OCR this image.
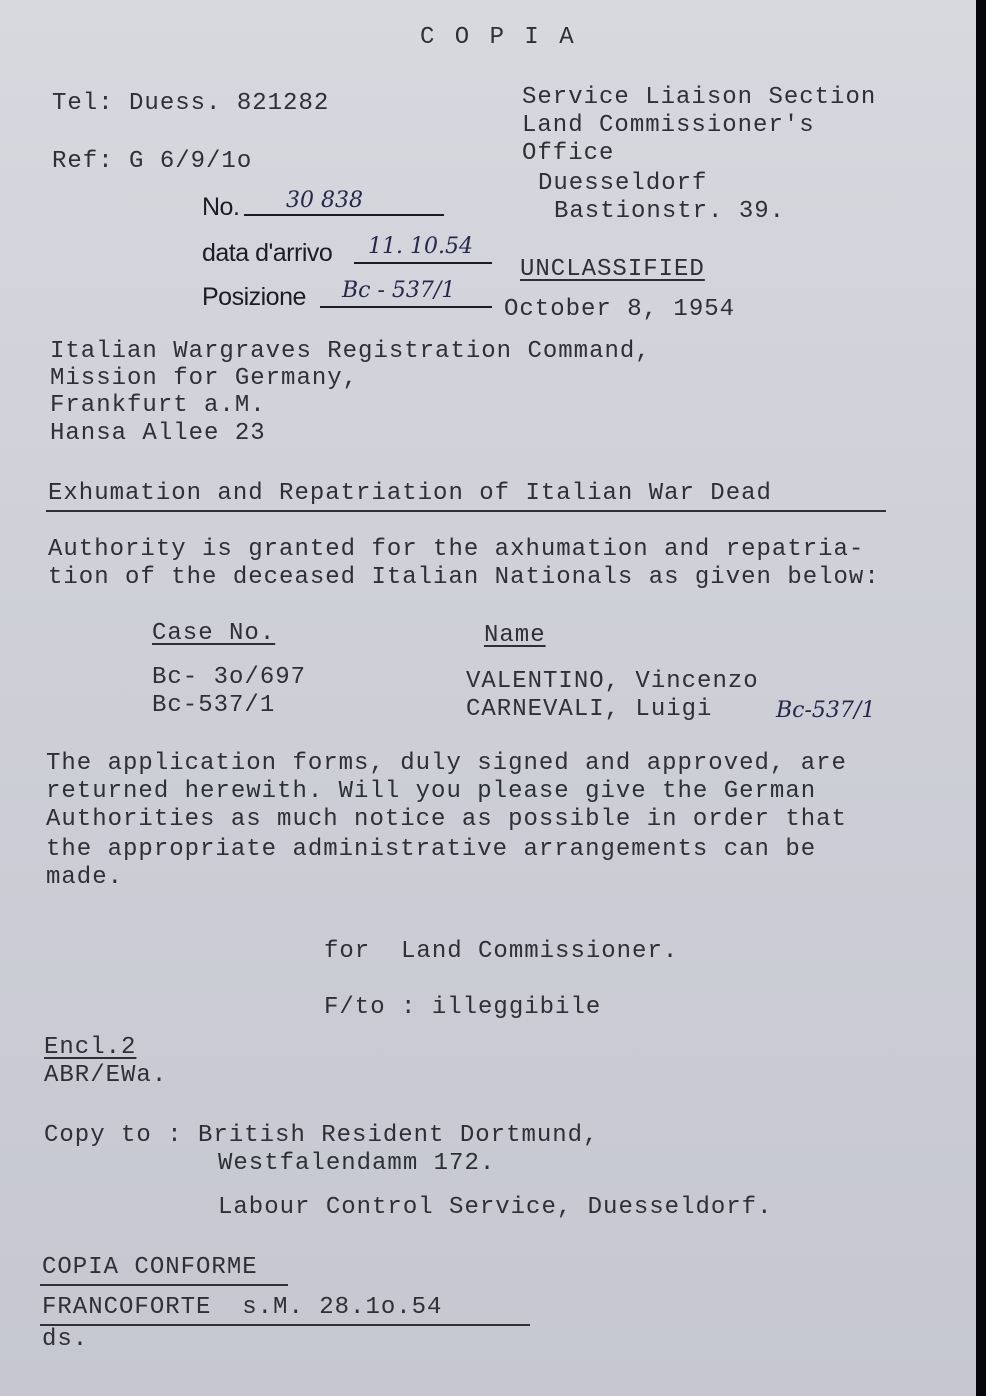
C O P I A
Tel: Duess. 821282
Ref: G 6/9/1o
Service Liaison Section
Land Commissioner's
Office
Duesseldorf
Bastionstr. 39.
No. 30 838
data d'arrivo 11. 10.54
Posizione Bc - 537/1
UNCLASSIFIED
October 8, 1954
Italian Wargraves Registration Command,
Mission for Germany,
Frankfurt a.M.
Hansa Allee 23
Exhumation and Repatriation of Italian War Dead
Authority is granted for the axhumation and repatria-
tion of the deceased Italian Nationals as given below:
Case No.	Name
Bc- 3o/697	VALENTINO, Vincenzo
Bc-537/1	CARNEVALI, Luigi	Bc-537/1
The application forms, duly signed and approved, are
returned herewith. Will you please give the German
Authorities as much notice as possible in order that
the appropriate administrative arrangements can be
made.
for  Land Commissioner.
F/to : illeggibile
Encl.2
ABR/EWa.
Copy to : British Resident Dortmund,
Westfalendamm 172.
Labour Control Service, Duesseldorf.
COPIA CONFORME
FRANCOFORTE  s.M. 28.1o.54
ds.
